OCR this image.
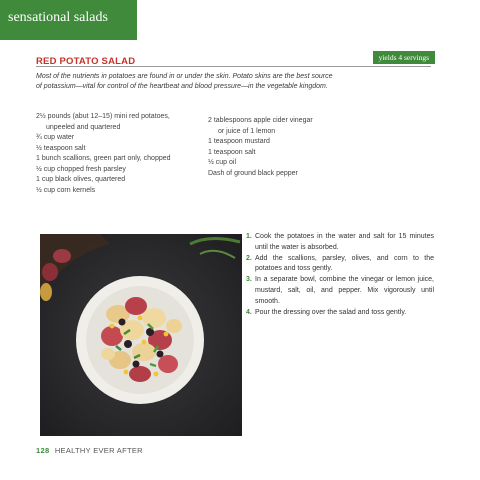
sensational salads
RED POTATO SALAD	yields 4 servings
Most of the nutrients in potatoes are found in or under the skin. Potato skins are the best source of potassium—vital for control of the heartbeat and blood pressure—in the vegetable kingdom.
2½ pounds (abut 12–15) mini red potatoes,
unpeeled and quartered
¾ cup water
½ teaspoon salt
1 bunch scallions, green part only, chopped
½ cup chopped fresh parsley
1 cup black olives, quartered
½ cup corn kernels
2 tablespoons apple cider vinegar
or juice of 1 lemon
1 teaspoon mustard
1 teaspoon salt
½ cup oil
Dash of ground black pepper
1. Cook the potatoes in the water and salt for 15 minutes until the water is absorbed.
2. Add the scallions, parsley, olives, and corn to the potatoes and toss gently.
3. In a separate bowl, combine the vinegar or lemon juice, mustard, salt, oil, and pepper. Mix vigorously until smooth.
4. Pour the dressing over the salad and toss gently.
128 HEALTHY EVER AFTER
